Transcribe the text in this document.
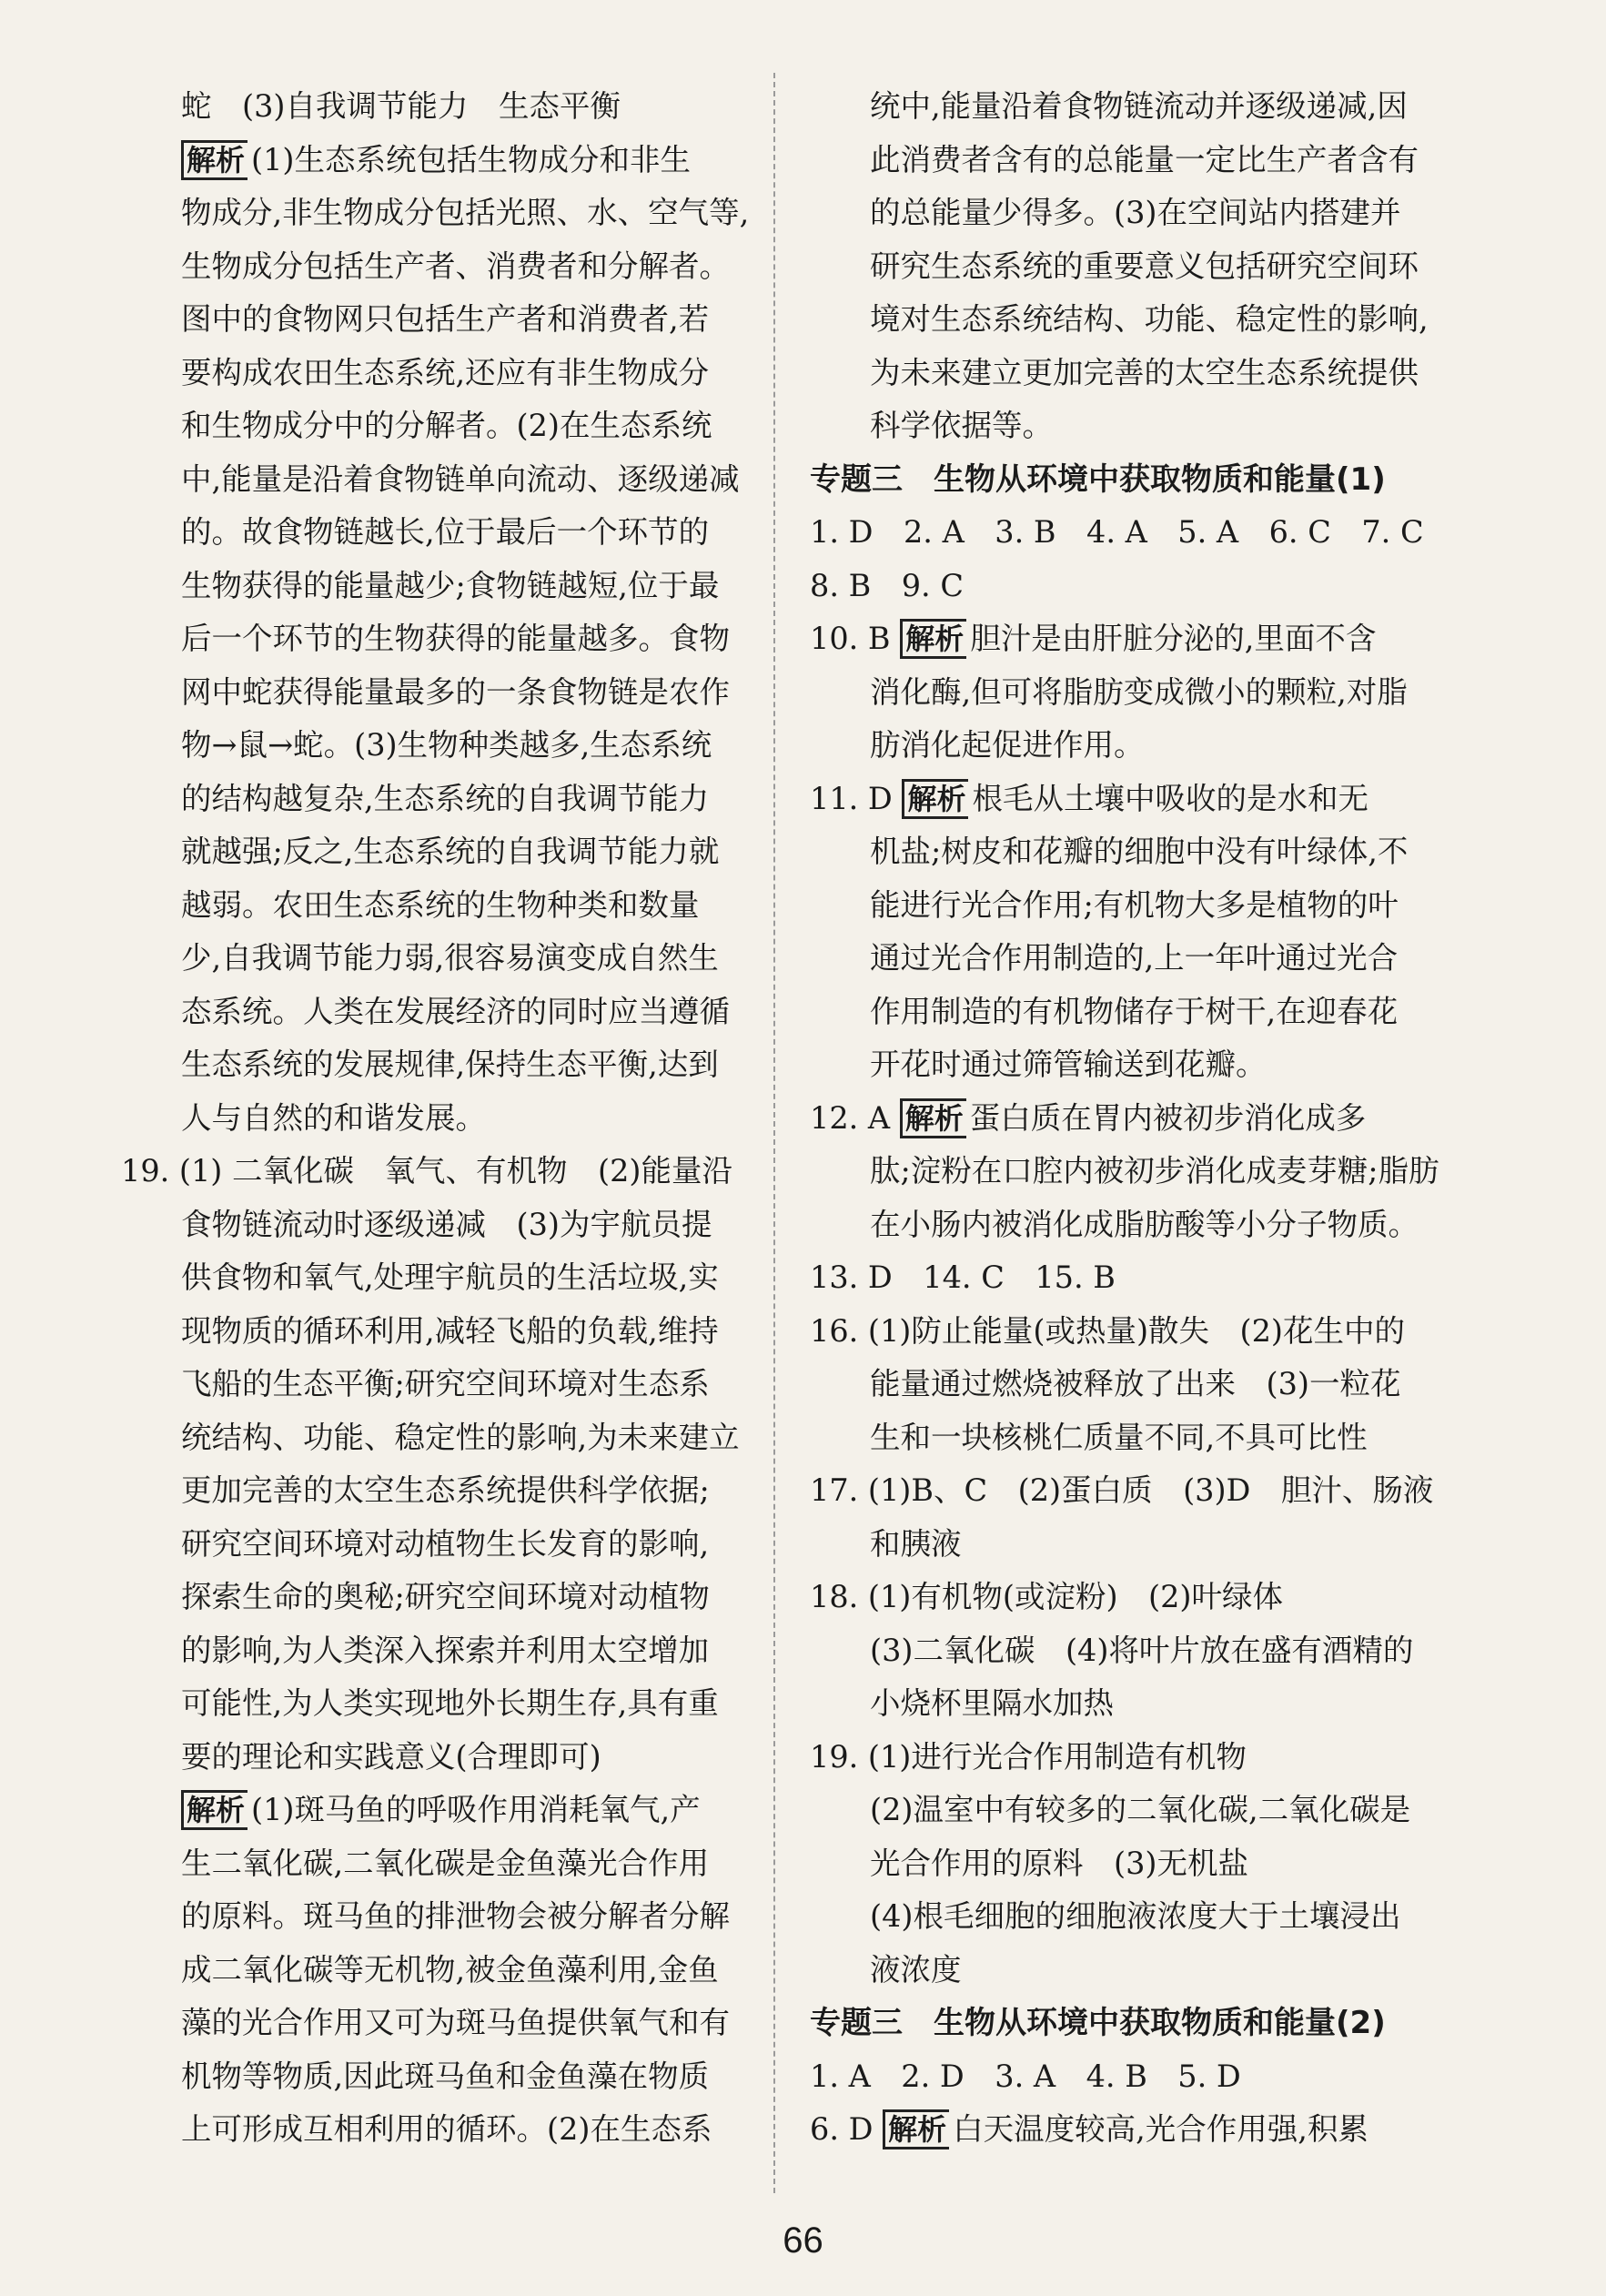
蛇　(3)自我调节能力　生态平衡
解析 (1)生态系统包括生物成分和非生
物成分,非生物成分包括光照、水、空气等,
生物成分包括生产者、消费者和分解者。
图中的食物网只包括生产者和消费者,若
要构成农田生态系统,还应有非生物成分
和生物成分中的分解者。(2)在生态系统
中,能量是沿着食物链单向流动、逐级递减
的。故食物链越长,位于最后一个环节的
生物获得的能量越少;食物链越短,位于最
后一个环节的生物获得的能量越多。食物
网中蛇获得能量最多的一条食物链是农作
物→鼠→蛇。(3)生物种类越多,生态系统
的结构越复杂,生态系统的自我调节能力
就越强;反之,生态系统的自我调节能力就
越弱。农田生态系统的生物种类和数量
少,自我调节能力弱,很容易演变成自然生
态系统。人类在发展经济的同时应当遵循
生态系统的发展规律,保持生态平衡,达到
人与自然的和谐发展。
19. (1) 二氧化碳　氧气、有机物　(2)能量沿
食物链流动时逐级递减　(3)为宇航员提
供食物和氧气,处理宇航员的生活垃圾,实
现物质的循环利用,减轻飞船的负载,维持
飞船的生态平衡;研究空间环境对生态系
统结构、功能、稳定性的影响,为未来建立
更加完善的太空生态系统提供科学依据;
研究空间环境对动植物生长发育的影响,
探索生命的奥秘;研究空间环境对动植物
的影响,为人类深入探索并利用太空增加
可能性,为人类实现地外长期生存,具有重
要的理论和实践意义(合理即可)
解析 (1)斑马鱼的呼吸作用消耗氧气,产
生二氧化碳,二氧化碳是金鱼藻光合作用
的原料。斑马鱼的排泄物会被分解者分解
成二氧化碳等无机物,被金鱼藻利用,金鱼
藻的光合作用又可为斑马鱼提供氧气和有
机物等物质,因此斑马鱼和金鱼藻在物质
上可形成互相利用的循环。(2)在生态系
统中,能量沿着食物链流动并逐级递减,因
此消费者含有的总能量一定比生产者含有
的总能量少得多。(3)在空间站内搭建并
研究生态系统的重要意义包括研究空间环
境对生态系统结构、功能、稳定性的影响,
为未来建立更加完善的太空生态系统提供
科学依据等。
专题三　生物从环境中获取物质和能量(1)
1. D　2. A　3. B　4. A　5. A　6. C　7. C
8. B　9. C
10. B 解析 胆汁是由肝脏分泌的,里面不含
消化酶,但可将脂肪变成微小的颗粒,对脂
肪消化起促进作用。
11. D 解析 根毛从土壤中吸收的是水和无
机盐;树皮和花瓣的细胞中没有叶绿体,不
能进行光合作用;有机物大多是植物的叶
通过光合作用制造的,上一年叶通过光合
作用制造的有机物储存于树干,在迎春花
开花时通过筛管输送到花瓣。
12. A 解析 蛋白质在胃内被初步消化成多
肽;淀粉在口腔内被初步消化成麦芽糖;脂肪
在小肠内被消化成脂肪酸等小分子物质。
13. D　14. C　15. B
16. (1)防止能量(或热量)散失　(2)花生中的
能量通过燃烧被释放了出来　(3)一粒花
生和一块核桃仁质量不同,不具可比性
17. (1)B、C　(2)蛋白质　(3)D　胆汁、肠液
和胰液
18. (1)有机物(或淀粉)　(2)叶绿体
(3)二氧化碳　(4)将叶片放在盛有酒精的
小烧杯里隔水加热
19. (1)进行光合作用制造有机物
(2)温室中有较多的二氧化碳,二氧化碳是
光合作用的原料　(3)无机盐
(4)根毛细胞的细胞液浓度大于土壤浸出
液浓度
专题三　生物从环境中获取物质和能量(2)
1. A　2. D　3. A　4. B　5. D
6. D 解析 白天温度较高,光合作用强,积累
66
